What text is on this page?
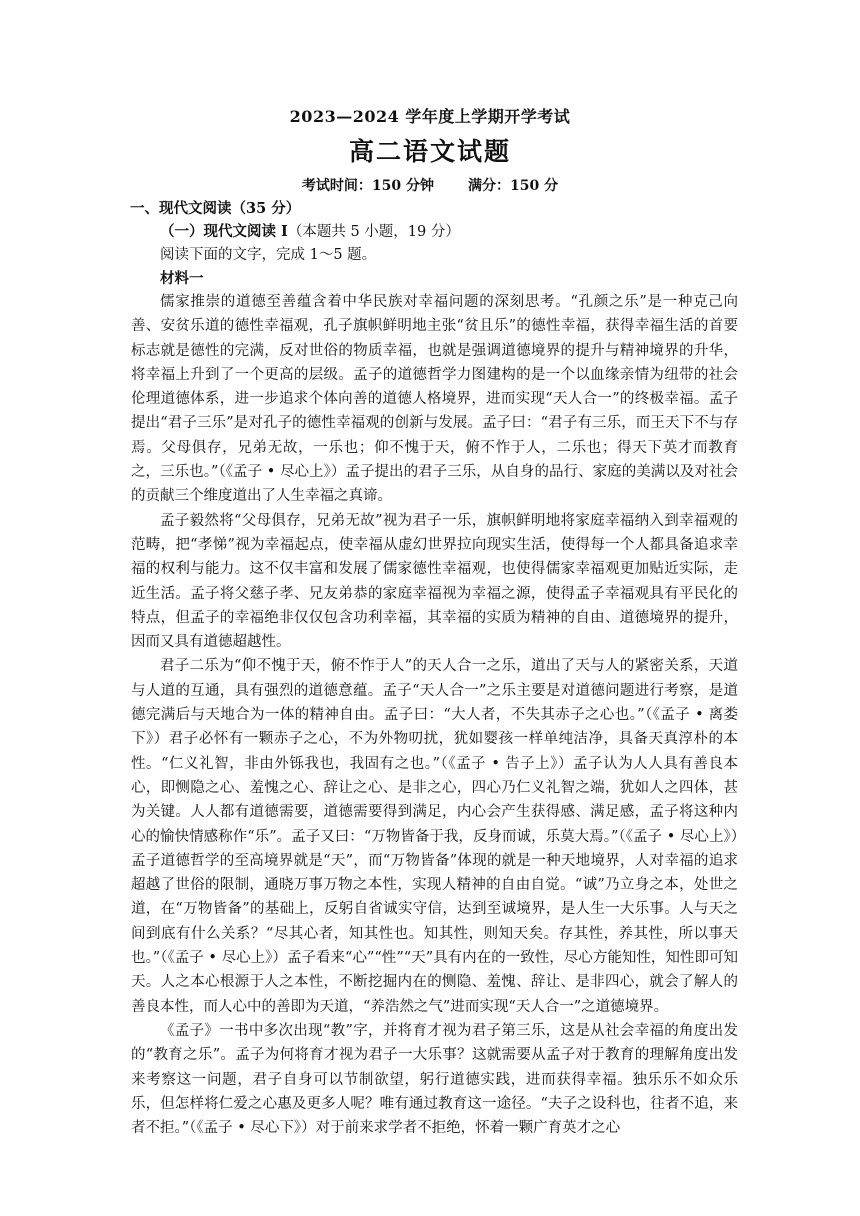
2023—2024 学年度上学期开学考试
高二语文试题
考试时间：150 分钟 满分：150 分
一、现代文阅读（35 分）
（一）现代文阅读 I（本题共 5 小题，19 分）
阅读下面的文字，完成 1～5 题。
材料一

儒家推崇的道德至善蕴含着中华民族对幸福问题的深刻思考。“孔颜之乐”是一种克己向善、安贫乐道的德性幸福观，孔子旗帜鲜明地主张“贫且乐”的德性幸福，获得幸福生活的首要标志就是德性的完满，反对世俗的物质幸福，也就是强调道德境界的提升与精神境界的升华，将幸福上升到了一个更高的层级。孟子的道德哲学力图建构的是一个以血缘亲情为纽带的社会伦理道德体系，进一步追求个体向善的道德人格境界，进而实现“天人合一”的终极幸福。孟子提出“君子三乐”是对孔子的德性幸福观的创新与发展。孟子曰：“君子有三乐，而王天下不与存焉。父母俱存，兄弟无故，一乐也；仰不愧于天，俯不怍于人，二乐也；得天下英才而教育之，三乐也。”（《孟子 • 尽心上》）孟子提出的君子三乐，从自身的品行、家庭的美满以及对社会的贡献三个维度道出了人生幸福之真谛。

孟子毅然将“父母俱存，兄弟无故”视为君子一乐，旗帜鲜明地将家庭幸福纳入到幸福观的范畴，把“孝悌”视为幸福起点，使幸福从虚幻世界拉向现实生活，使得每一个人都具备追求幸福的权利与能力。这不仅丰富和发展了儒家德性幸福观，也使得儒家幸福观更加贴近实际，走近生活。孟子将父慈子孝、兄友弟恭的家庭幸福视为幸福之源，使得孟子幸福观具有平民化的特点，但孟子的幸福绝非仅仅包含功利幸福，其幸福的实质为精神的自由、道德境界的提升，因而又具有道德超越性。

君子二乐为“仰不愧于天，俯不怍于人”的天人合一之乐，道出了天与人的紧密关系，天道与人道的互通，具有强烈的道德意蕴。孟子“天人合一”之乐主要是对道德问题进行考察，是道德完满后与天地合为一体的精神自由。孟子曰：“大人者，不失其赤子之心也。”（《孟子 • 离娄下》）君子必怀有一颗赤子之心，不为外物叨扰，犹如婴孩一样单纯洁净，具备天真淳朴的本性。“仁义礼智，非由外铄我也，我固有之也。”（《孟子 • 告子上》）孟子认为人人具有善良本心，即恻隐之心、羞愧之心、辞让之心、是非之心，四心乃仁义礼智之端，犹如人之四体，甚为关键。人人都有道德需要，道德需要得到满足，内心会产生获得感、满足感，孟子将这种内心的愉快情感称作“乐”。孟子又曰：“万物皆备于我，反身而诚，乐莫大焉。”（《孟子 • 尽心上》）孟子道德哲学的至高境界就是“天”，而“万物皆备”体现的就是一种天地境界，人对幸福的追求超越了世俗的限制，通晓万事万物之本性，实现人精神的自由自觉。“诚”乃立身之本，处世之道，在“万物皆备”的基础上，反躬自省诚实守信，达到至诚境界，是人生一大乐事。人与天之间到底有什么关系？“尽其心者，知其性也。知其性，则知天矣。存其性，养其性，所以事天也。”（《孟子 • 尽心上》）孟子看来“心”“性”“天”具有内在的一致性，尽心方能知性，知性即可知天。人之本心根源于人之本性，不断挖掘内在的恻隐、羞愧、辞让、是非四心，就会了解人的善良本性，而人心中的善即为天道，“养浩然之气”进而实现“天人合一”之道德境界。

《孟子》一书中多次出现“教”字，并将育才视为君子第三乐，这是从社会幸福的角度出发的“教育之乐”。孟子为何将育才视为君子一大乐事？这就需要从孟子对于教育的理解角度出发来考察这一问题，君子自身可以节制欲望，躬行道德实践，进而获得幸福。独乐乐不如众乐乐，但怎样将仁爱之心惠及更多人呢？唯有通过教育这一途径。“夫子之设科也，往者不追，来者不拒。”（《孟子 • 尽心下》）对于前来求学者不拒绝，怀着一颗广育英才之心
